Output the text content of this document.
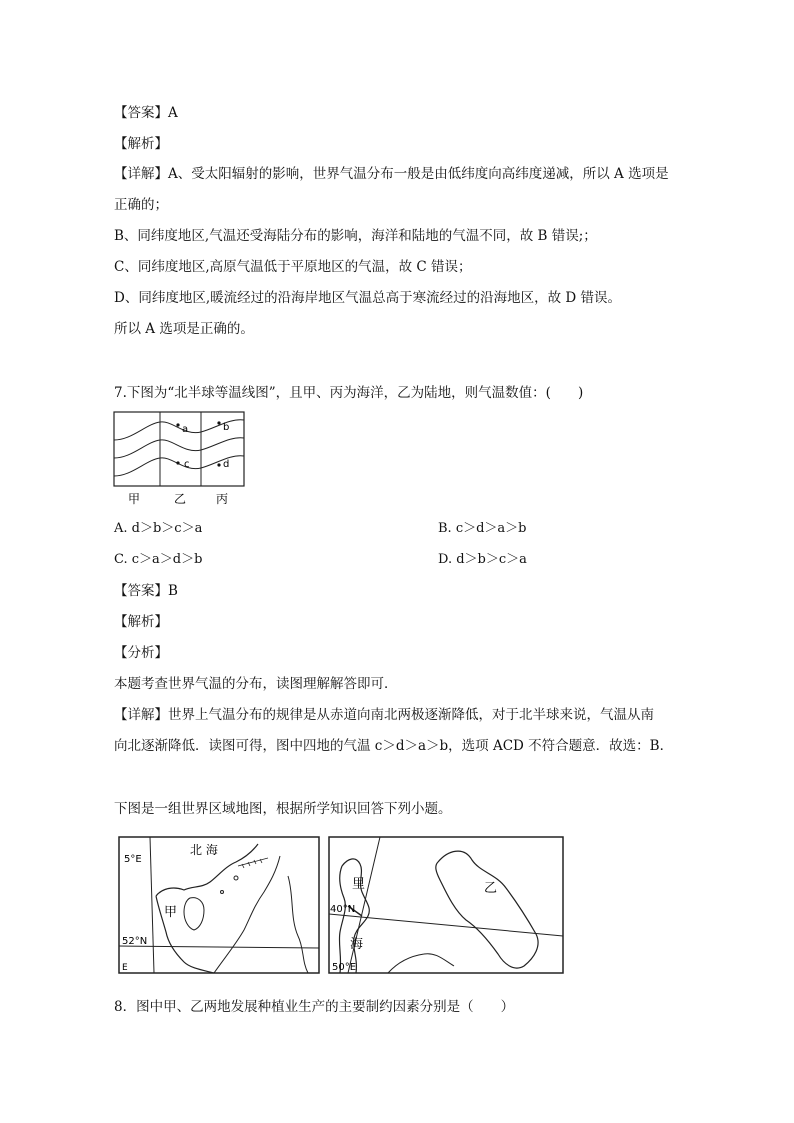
【答案】A
【解析】
【详解】A、受太阳辐射的影响，世界气温分布一般是由低纬度向高纬度递减，所以 A 选项是
正确的；
B、同纬度地区,气温还受海陆分布的影响，海洋和陆地的气温不同，故 B 错误;；
C、同纬度地区,高原气温低于平原地区的气温，故 C 错误；
D、同纬度地区,暖流经过的沿海岸地区气温总高于寒流经过的沿海地区，故 D 错误。
所以 A 选项是正确的。
7.下图为“北半球等温线图”，且甲、丙为海洋，乙为陆地，则气温数值：(　　)
a	b
c	d
甲	乙 丙
A. d＞b＞c＞a	B. c＞d＞a＞b
C. c＞a＞d＞b	D. d＞b＞c＞a
【答案】B
【解析】
【分析】
本题考查世界气温的分布，读图理解解答即可．
【详解】世界上气温分布的规律是从赤道向南北两极逐渐降低，对于北半球来说，气温从南
向北逐渐降低．读图可得，图中四地的气温 c＞d＞a＞b，选项 ACD 不符合题意．故选：B．
下图是一组世界区域地图，根据所学知识回答下列小题。
北 海
5°E
甲
52°N
E
里
40°N
海
50°E
乙
8．图中甲、乙两地发展种植业生产的主要制约因素分别是（　　）
